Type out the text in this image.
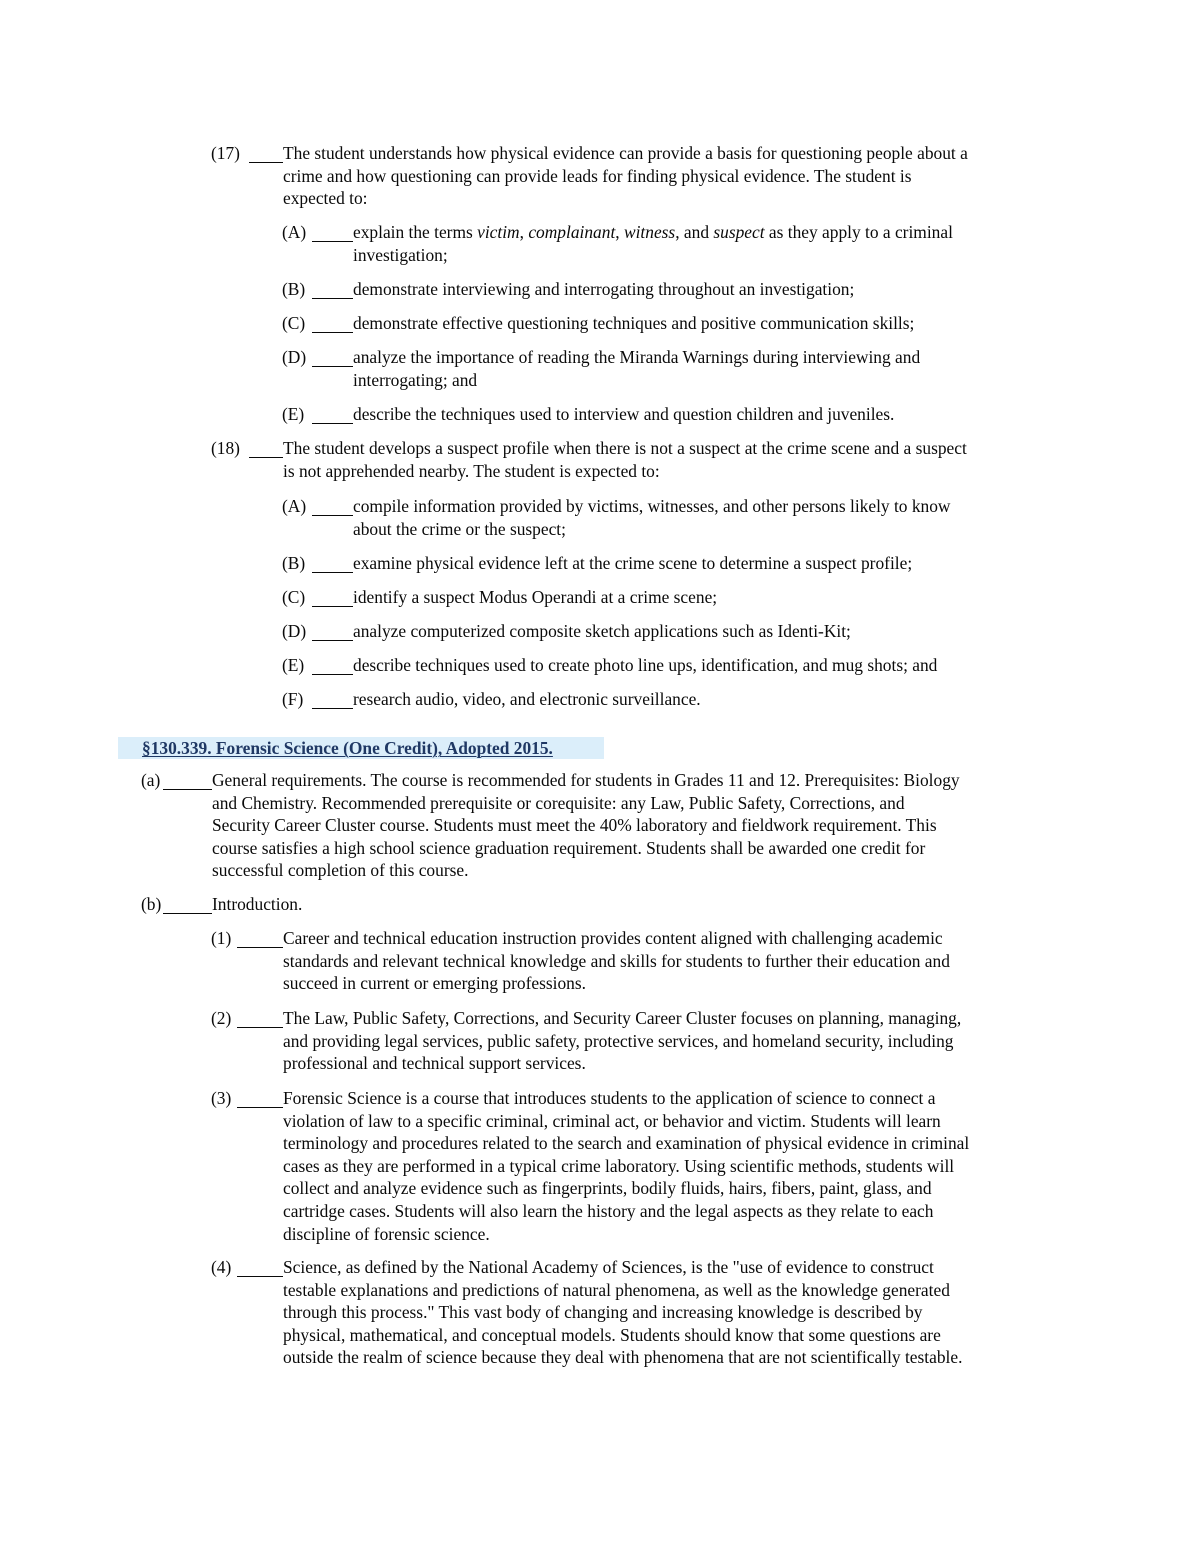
(17) The student understands how physical evidence can provide a basis for questioning people about a
crime and how questioning can provide leads for finding physical evidence. The student is
expected to:
(A)	explain the terms victim, complainant, witness, and suspect as they apply to a criminal
investigation;
(B)	demonstrate interviewing and interrogating throughout an investigation;
(C)	demonstrate effective questioning techniques and positive communication skills;
(D)	analyze the importance of reading the Miranda Warnings during interviewing and
interrogating; and
(E)	describe the techniques used to interview and question children and juveniles.
(18) The student develops a suspect profile when there is not a suspect at the crime scene and a suspect
is not apprehended nearby. The student is expected to:
(A)	compile information provided by victims, witnesses, and other persons likely to know
about the crime or the suspect;
(B)	examine physical evidence left at the crime scene to determine a suspect profile;
(C)	identify a suspect Modus Operandi at a crime scene;
(D)	analyze computerized composite sketch applications such as Identi-Kit;
(E)	describe techniques used to create photo line ups, identification, and mug shots; and
(F)	research audio, video, and electronic surveillance.
§130.339. Forensic Science (One Credit), Adopted 2015.
(a)	General requirements. The course is recommended for students in Grades 11 and 12. Prerequisites: Biology
and Chemistry. Recommended prerequisite or corequisite: any Law, Public Safety, Corrections, and
Security Career Cluster course. Students must meet the 40% laboratory and fieldwork requirement. This
course satisfies a high school science graduation requirement. Students shall be awarded one credit for
successful completion of this course.
(b)	Introduction.
(1)	Career and technical education instruction provides content aligned with challenging academic
standards and relevant technical knowledge and skills for students to further their education and
succeed in current or emerging professions.
(2)	The Law, Public Safety, Corrections, and Security Career Cluster focuses on planning, managing,
and providing legal services, public safety, protective services, and homeland security, including
professional and technical support services.
(3)	Forensic Science is a course that introduces students to the application of science to connect a
violation of law to a specific criminal, criminal act, or behavior and victim. Students will learn
terminology and procedures related to the search and examination of physical evidence in criminal
cases as they are performed in a typical crime laboratory. Using scientific methods, students will
collect and analyze evidence such as fingerprints, bodily fluids, hairs, fibers, paint, glass, and
cartridge cases. Students will also learn the history and the legal aspects as they relate to each
discipline of forensic science.
(4)	Science, as defined by the National Academy of Sciences, is the "use of evidence to construct
testable explanations and predictions of natural phenomena, as well as the knowledge generated
through this process." This vast body of changing and increasing knowledge is described by
physical, mathematical, and conceptual models. Students should know that some questions are
outside the realm of science because they deal with phenomena that are not scientifically testable.
